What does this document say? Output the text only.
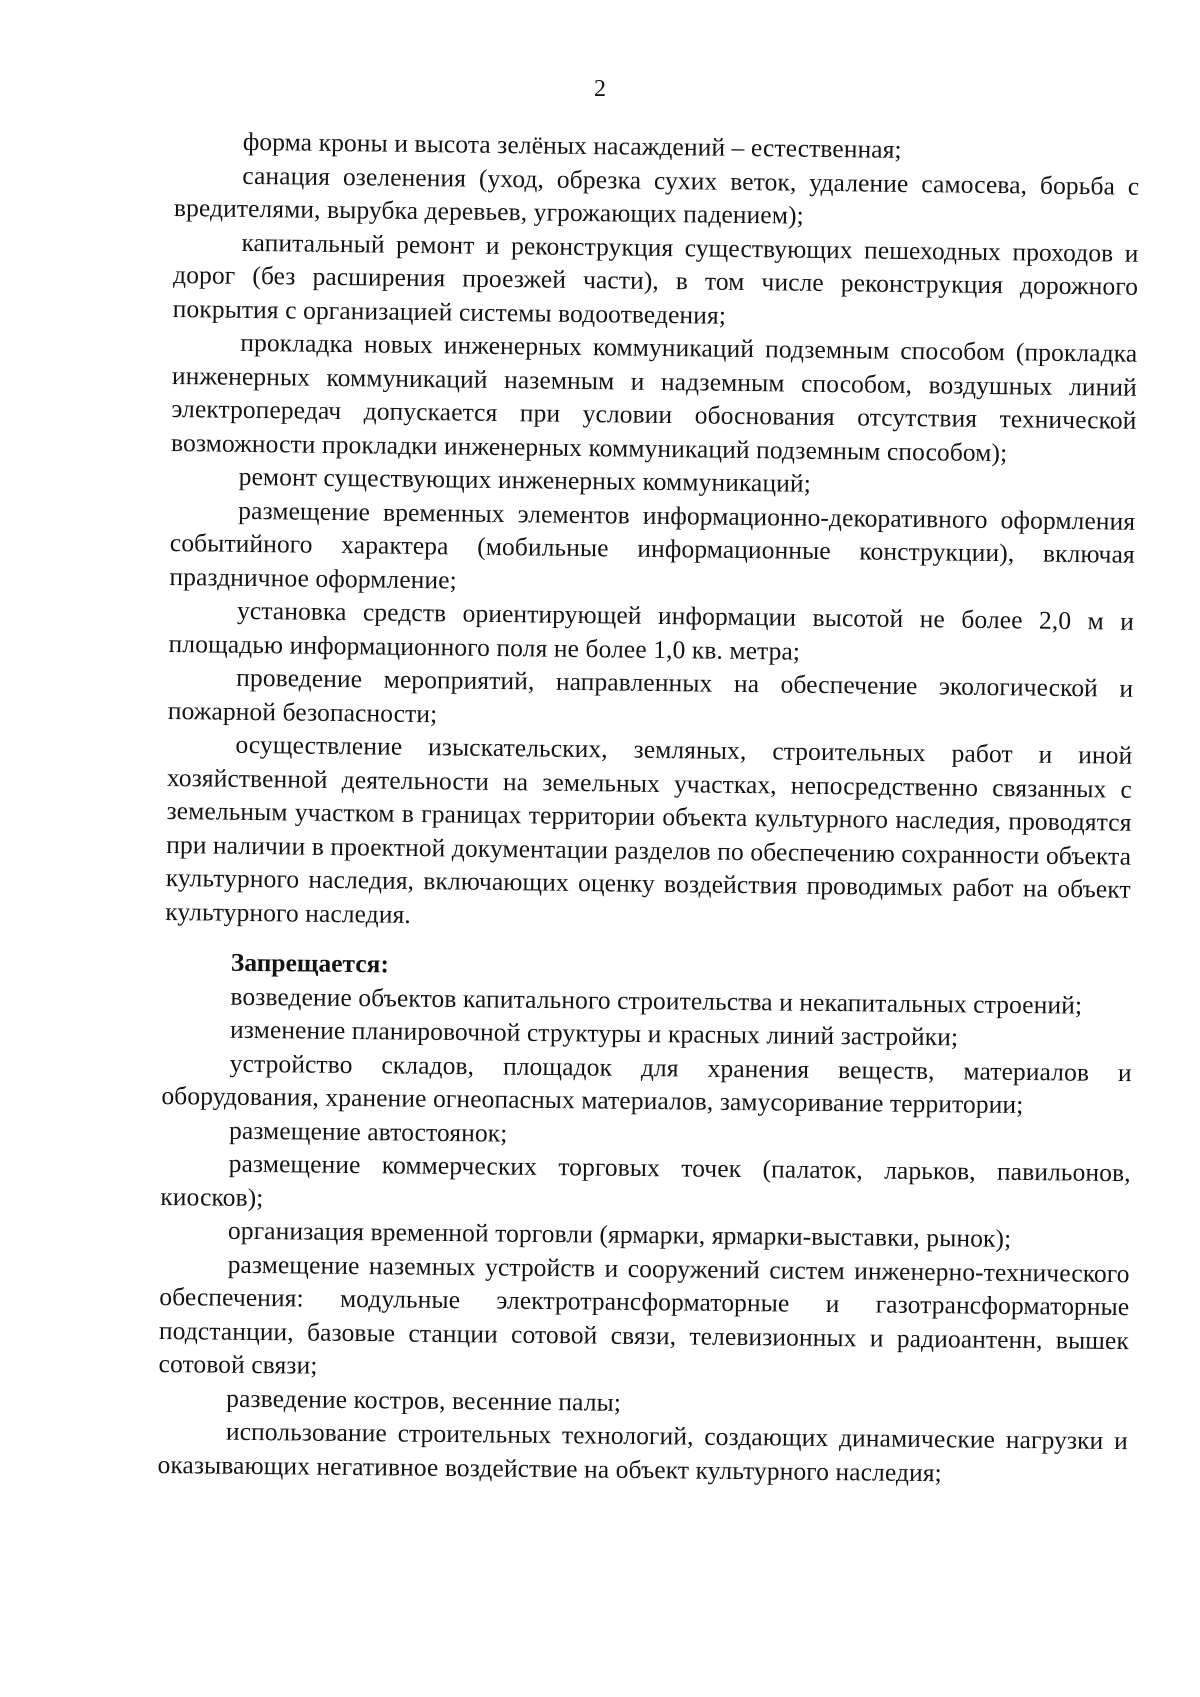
2

форма кроны и высота зелёных насаждений – естественная;

санация озеленения (уход, обрезка сухих веток, удаление самосева, борьба с вредителями, вырубка деревьев, угрожающих падением);

капитальный ремонт и реконструкция существующих пешеходных проходов и дорог (без расширения проезжей части), в том числе реконструкция дорожного покрытия с организацией системы водоотведения;

прокладка новых инженерных коммуникаций подземным способом (прокладка инженерных коммуникаций наземным и надземным способом, воздушных линий электропередач допускается при условии обоснования отсутствия технической возможности прокладки инженерных коммуникаций подземным способом);

ремонт существующих инженерных коммуникаций;

размещение временных элементов информационно-декоративного оформления событийного характера (мобильные информационные конструкции), включая праздничное оформление;

установка средств ориентирующей информации высотой не более 2,0 м и площадью информационного поля не более 1,0 кв. метра;

проведение мероприятий, направленных на обеспечение экологической и пожарной безопасности;

осуществление изыскательских, земляных, строительных работ и иной хозяйственной деятельности на земельных участках, непосредственно связанных с земельным участком в границах территории объекта культурного наследия, проводятся при наличии в проектной документации разделов по обеспечению сохранности объекта культурного наследия, включающих оценку воздействия проводимых работ на объект культурного наследия.

Запрещается:

возведение объектов капитального строительства и некапитальных строений;

изменение планировочной структуры и красных линий застройки;

устройство складов, площадок для хранения веществ, материалов и оборудования, хранение огнеопасных материалов, замусоривание территории;

размещение автостоянок;

размещение коммерческих торговых точек (палаток, ларьков, павильонов, киосков);

организация временной торговли (ярмарки, ярмарки-выставки, рынок);

размещение наземных устройств и сооружений систем инженерно-технического обеспечения: модульные электротрансформаторные и газотрансформаторные подстанции, базовые станции сотовой связи, телевизионных и радиоантенн, вышек сотовой связи;

разведение костров, весенние палы;

использование строительных технологий, создающих динамические нагрузки и оказывающих негативное воздействие на объект культурного наследия;
